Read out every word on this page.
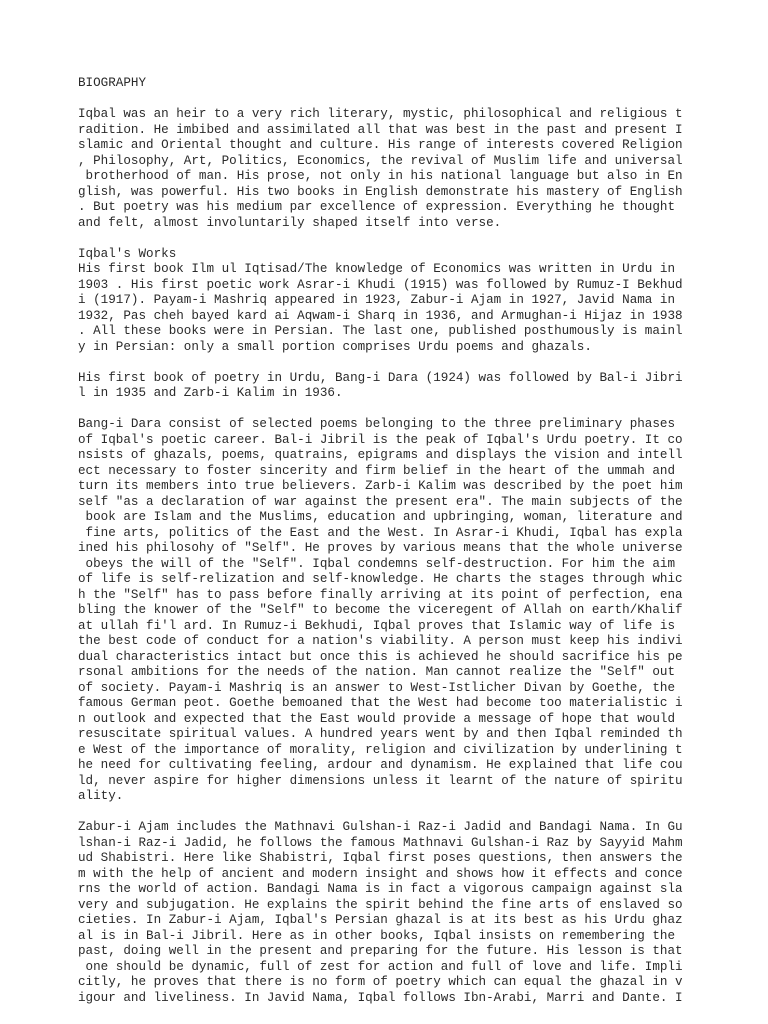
BIOGRAPHY
Iqbal was an heir to a very rich literary, mystic, philosophical and religious t
radition. He imbibed and assimilated all that was best in the past and present I
slamic and Oriental thought and culture. His range of interests covered Religion
, Philosophy, Art, Politics, Economics, the revival of Muslim life and universal
brotherhood of man. His prose, not only in his national language but also in En
glish, was powerful. His two books in English demonstrate his mastery of English
. But poetry was his medium par excellence of expression. Everything he thought
and felt, almost involuntarily shaped itself into verse.
Iqbal's Works
His first book Ilm ul Iqtisad/The knowledge of Economics was written in Urdu in
1903 . His first poetic work Asrar-i Khudi (1915) was followed by Rumuz-I Bekhud
i (1917). Payam-i Mashriq appeared in 1923, Zabur-i Ajam in 1927, Javid Nama in
1932, Pas cheh bayed kard ai Aqwam-i Sharq in 1936, and Armughan-i Hijaz in 1938
. All these books were in Persian. The last one, published posthumously is mainl
y in Persian: only a small portion comprises Urdu poems and ghazals.
His first book of poetry in Urdu, Bang-i Dara (1924) was followed by Bal-i Jibri
l in 1935 and Zarb-i Kalim in 1936.
Bang-i Dara consist of selected poems belonging to the three preliminary phases
of Iqbal's poetic career. Bal-i Jibril is the peak of Iqbal's Urdu poetry. It co
nsists of ghazals, poems, quatrains, epigrams and displays the vision and intell
ect necessary to foster sincerity and firm belief in the heart of the ummah and
turn its members into true believers. Zarb-i Kalim was described by the poet him
self "as a declaration of war against the present era". The main subjects of the
book are Islam and the Muslims, education and upbringing, woman, literature and
fine arts, politics of the East and the West. In Asrar-i Khudi, Iqbal has expla
ined his philosohy of "Self". He proves by various means that the whole universe
obeys the will of the "Self". Iqbal condemns self-destruction. For him the aim
of life is self-relization and self-knowledge. He charts the stages through whic
h the "Self" has to pass before finally arriving at its point of perfection, ena
bling the knower of the "Self" to become the viceregent of Allah on earth/Khalif
at ullah fi'l ard. In Rumuz-i Bekhudi, Iqbal proves that Islamic way of life is
the best code of conduct for a nation's viability. A person must keep his indivi
dual characteristics intact but once this is achieved he should sacrifice his pe
rsonal ambitions for the needs of the nation. Man cannot realize the "Self" out
of society. Payam-i Mashriq is an answer to West-Istlicher Divan by Goethe, the
famous German peot. Goethe bemoaned that the West had become too materialistic i
n outlook and expected that the East would provide a message of hope that would
resuscitate spiritual values. A hundred years went by and then Iqbal reminded th
e West of the importance of morality, religion and civilization by underlining t
he need for cultivating feeling, ardour and dynamism. He explained that life cou
ld, never aspire for higher dimensions unless it learnt of the nature of spiritu
ality.
Zabur-i Ajam includes the Mathnavi Gulshan-i Raz-i Jadid and Bandagi Nama. In Gu
lshan-i Raz-i Jadid, he follows the famous Mathnavi Gulshan-i Raz by Sayyid Mahm
ud Shabistri. Here like Shabistri, Iqbal first poses questions, then answers the
m with the help of ancient and modern insight and shows how it effects and conce
rns the world of action. Bandagi Nama is in fact a vigorous campaign against sla
very and subjugation. He explains the spirit behind the fine arts of enslaved so
cieties. In Zabur-i Ajam, Iqbal's Persian ghazal is at its best as his Urdu ghaz
al is in Bal-i Jibril. Here as in other books, Iqbal insists on remembering the
past, doing well in the present and preparing for the future. His lesson is that
one should be dynamic, full of zest for action and full of love and life. Impli
citly, he proves that there is no form of poetry which can equal the ghazal in v
igour and liveliness. In Javid Nama, Iqbal follows Ibn-Arabi, Marri and Dante. I
